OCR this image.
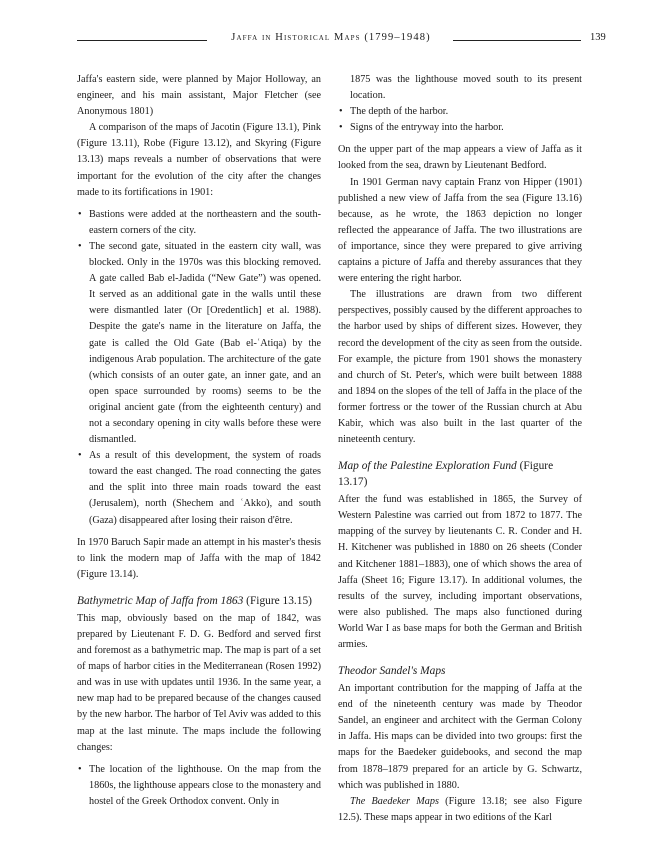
Jaffa in Historical Maps (1799–1948)	139

Jaffa's eastern side, were planned by Major Holloway, an engineer, and his main assistant, Major Fletcher (see Anonymous 1801)

A comparison of the maps of Jacotin (Figure 13.1), Pink (Figure 13.11), Robe (Figure 13.12), and Skyring (Figure 13.13) maps reveals a number of observations that were important for the evolution of the city after the changes made to its fortifications in 1901:

• Bastions were added at the northeastern and the south-eastern corners of the city.
• The second gate, situated in the eastern city wall, was blocked. Only in the 1970s was this blocking removed. A gate called Bab el-Jadida (“New Gate”) was opened. It served as an additional gate in the walls until these were dismantled later (Or [Oredentlich] et al. 1988). Despite the gate's name in the literature on Jaffa, the gate is called the Old Gate (Bab el-ʿAtiqa) by the indigenous Arab population. The architecture of the gate (which consists of an outer gate, an inner gate, and an open space surrounded by rooms) seems to be the original ancient gate (from the eighteenth century) and not a secondary opening in city walls before these were dismantled.
• As a result of this development, the system of roads toward the east changed. The road connecting the gates and the split into three main roads toward the east (Jerusalem), north (Shechem and ʿAkko), and south (Gaza) disappeared after losing their raison d'être.

In 1970 Baruch Sapir made an attempt in his master's thesis to link the modern map of Jaffa with the map of 1842 (Figure 13.14).

Bathymetric Map of Jaffa from 1863 (Figure 13.15)

This map, obviously based on the map of 1842, was prepared by Lieutenant F. D. G. Bedford and served first and foremost as a bathymetric map. The map is part of a set of maps of harbor cities in the Mediterranean (Rosen 1992) and was in use with updates until 1936. In the same year, a new map had to be prepared because of the changes caused by the new harbor. The harbor of Tel Aviv was added to this map at the last minute. The maps include the following changes:

• The location of the lighthouse. On the map from the 1860s, the lighthouse appears close to the monastery and hostel of the Greek Orthodox convent. Only in
1875 was the lighthouse moved south to its present location.
• The depth of the harbor.
• Signs of the entryway into the harbor.

On the upper part of the map appears a view of Jaffa as it looked from the sea, drawn by Lieutenant Bedford.

In 1901 German navy captain Franz von Hipper (1901) published a new view of Jaffa from the sea (Figure 13.16) because, as he wrote, the 1863 depiction no longer reflected the appearance of Jaffa. The two illustrations are of importance, since they were prepared to give arriving captains a picture of Jaffa and thereby assurances that they were entering the right harbor.

The illustrations are drawn from two different perspectives, possibly caused by the different approaches to the harbor used by ships of different sizes. However, they record the development of the city as seen from the outside. For example, the picture from 1901 shows the monastery and church of St. Peter's, which were built between 1888 and 1894 on the slopes of the tell of Jaffa in the place of the former fortress or the tower of the Russian church at Abu Kabir, which was also built in the last quarter of the nineteenth century.

Map of the Palestine Exploration Fund (Figure 13.17)

After the fund was established in 1865, the Survey of Western Palestine was carried out from 1872 to 1877. The mapping of the survey by lieutenants C. R. Conder and H. H. Kitchener was published in 1880 on 26 sheets (Conder and Kitchener 1881–1883), one of which shows the area of Jaffa (Sheet 16; Figure 13.17). In additional volumes, the results of the survey, including important observations, were also published. The maps also functioned during World War I as base maps for both the German and British armies.

Theodor Sandel's Maps

An important contribution for the mapping of Jaffa at the end of the nineteenth century was made by Theodor Sandel, an engineer and architect with the German Colony in Jaffa. His maps can be divided into two groups: first the maps for the Baedeker guidebooks, and second the map from 1878–1879 prepared for an article by G. Schwartz, which was published in 1880.

The Baedeker Maps (Figure 13.18; see also Figure 12.5). These maps appear in two editions of the Karl
